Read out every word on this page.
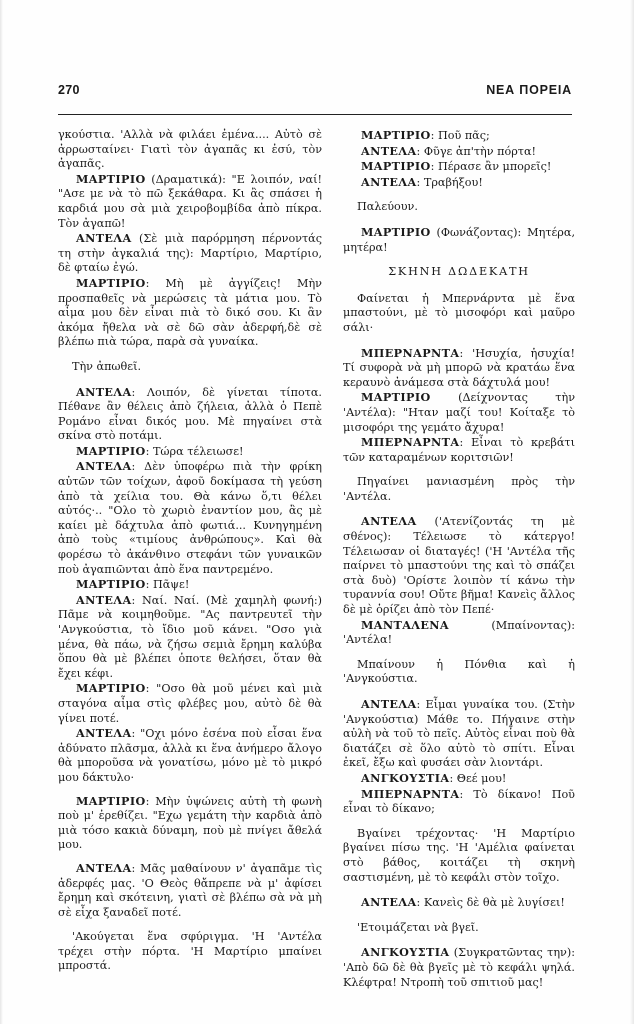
270	ΝΕΑ ΠΟΡΕΙΑ

γκούστια. 'Αλλὰ νὰ φιλάει ἐμένα.... Αὐτὸ σὲ ἀρρωσταίνει· Γιατὶ τὸν ἀγαπᾶς κι ἐσύ, τὸν ἀγαπᾶς.

ΜΑΡΤΙΡΙΟ (Δραματικά): "Ε λοιπόν, ναί! "Ασε με νὰ τὸ πῶ ξεκάθαρα. Κι ἂς σπάσει ἡ καρδιά μου σὰ μιὰ χειροβομβίδα ἀπὸ πίκρα. Τὸν ἀγαπῶ!

ΑΝΤΕΛΑ (Σὲ μιὰ παρόρμηση πέρνοντάς τη στὴν ἀγκαλιά της): Μαρτίριο, Μαρτίριο, δὲ φταίω ἐγώ.

ΜΑΡΤΙΡΙΟ: Μὴ μὲ ἀγγίζεις! Μὴν προσπαθεῖς νὰ μερώσεις τὰ μάτια μου. Τὸ αἷμα μου δὲν εἶναι πιὰ τὸ δικό σου. Κι ἂν ἀκόμα ἤθελα νὰ σὲ δῶ σὰν ἀδερφή,δὲ σὲ βλέπω πιὰ τώρα, παρὰ σὰ γυναίκα.

Τὴν ἀπωθεῖ.

ΑΝΤΕΛΑ: Λοιπόν, δὲ γίνεται τίποτα. Πέθανε ἂν θέλεις ἀπὸ ζήλεια, ἀλλὰ ὁ Πεπὲ Ρομάνο εἶναι δικός μου. Μὲ πηγαίνει στὰ σκίνα στὸ ποτάμι.

ΜΑΡΤΙΡΙΟ: Τώρα τέλειωσε!

ΑΝΤΕΛΑ: Δὲν ὑποφέρω πιὰ τὴν φρίκη αὐτῶν τῶν τοίχων, ἀφοῦ δοκίμασα τὴ γεύση ἀπὸ τὰ χείλια του. Θὰ κάνω ὅ,τι θέλει αὐτός·.. "Ολο τὸ χωριὸ ἐναντίον μου, ἂς μὲ καίει μὲ δάχτυλα ἀπὸ φωτιά... Κυνηγημένη ἀπὸ τοὺς «τιμίους ἀνθρώπους». Καὶ θὰ φορέσω τὸ ἀκάνθινο στεφάνι τῶν γυναικῶν ποὺ ἀγαπιῶνται ἀπὸ ἕνα παντρεμένο.

ΜΑΡΤΙΡΙΟ: Πᾶψε!

ΑΝΤΕΛΑ: Ναί. Ναί. (Μὲ χαμηλὴ φωνή:) Πᾶμε νὰ κοιμηθοῦμε. "Ας παντρευτεῖ τὴν 'Ανγκούστια, τὸ ἴδιο μοῦ κάνει. "Οσο γιὰ μένα, θὰ πάω, νὰ ζήσω σεμιὰ ἔρημη καλύβα ὅπου θὰ μὲ βλέπει ὁποτε θελήσει, ὅταν θὰ ἔχει κέφι.

ΜΑΡΤΙΡΙΟ: "Οσο θὰ μοῦ μένει καὶ μιὰ σταγόνα αἷμα στὶς φλέβες μου, αὐτὸ δὲ θὰ γίνει ποτέ.

ΑΝΤΕΛΑ: "Οχι μόνο ἐσένα ποὺ εἶσαι ἕνα ἀδύνατο πλᾶσμα, ἀλλὰ κι ἕνα ἀνήμερο ἄλογο θὰ μποροῦσα νὰ γονατίσω, μόνο μὲ τὸ μικρό μου δάκτυλο·

ΜΑΡΤΙΡΙΟ: Μὴν ὑψώνεις αὐτὴ τὴ φωνὴ ποὺ μ' ἐρεθίζει. "Εχω γεμάτη τὴν καρδιὰ ἀπὸ μιὰ τόσο κακιὰ δύναμη, ποὺ μὲ πνίγει ἄθελά μου.

ΑΝΤΕΛΑ: Μᾶς μαθαίνουν ν' ἀγαπᾶμε τὶς ἀδερφές μας. 'Ο Θεὸς θἄπρεπε νὰ μ' ἀφίσει ἔρημη καὶ σκότεινη, γιατὶ σὲ βλέπω σὰ νὰ μὴ σὲ εἶχα ξαναδεῖ ποτέ.

'Ακούγεται ἕνα σφύριγμα. 'Η 'Αντέλα τρέχει στὴν πόρτα. 'Η Μαρτίριο μπαίνει μπροστά.

ΜΑΡΤΙΡΙΟ: Ποῦ πᾶς;

ΑΝΤΕΛΑ: Φῦγε ἀπ'τὴν πόρτα!

ΜΑΡΤΙΡΙΟ: Πέρασε ἂν μπορεῖς!

ΑΝΤΕΛΑ: Τραβήξου!

Παλεύουν.

ΜΑΡΤΙΡΙΟ (Φωνάζοντας): Μητέρα, μητέρα!

ΣΚΗΝΗ ΔΩΔΕΚΑΤΗ

Φαίνεται ἡ Μπερνάρντα μὲ ἕνα μπαστούνι, μὲ τὸ μισοφόρι καὶ μαῦρο σάλι·

ΜΠΕΡΝΑΡΝΤΑ: 'Ησυχία, ἡσυχία! Τί συφορὰ νὰ μὴ μπορῶ νὰ κρατάω ἕνα κεραυνὸ ἀνάμεσα στὰ δάχτυλά μου!

ΜΑΡΤΙΡΙΟ (Δείχνοντας τὴν 'Αντέλα): "Ηταν μαζί του! Κοίταξε τὸ μισοφόρι της γεμάτο ἄχυρα!

ΜΠΕΡΝΑΡΝΤΑ: Εἶναι τὸ κρεβάτι τῶν καταραμένων κοριτσιῶν!

Πηγαίνει μανιασμένη πρὸς τὴν 'Αντέλα.

ΑΝΤΕΛΑ ('Ατενίζοντάς τη μὲ σθένος): Τέλειωσε τὸ κάτεργο! Τέλειωσαν οἱ διαταγές! ('Η 'Αντέλα τῆς παίρνει τὸ μπαστούνι της καὶ τὸ σπάζει στὰ δυὸ) 'Ορίστε λοιπὸν τί κάνω τὴν τυραννία σου! Οὔτε βῆμα! Κανεὶς ἄλλος δὲ μὲ ὁρίζει ἀπὸ τὸν Πεπέ·

ΜΑΝΤΑΛΕΝΑ (Μπαίνοντας): 'Αντέλα!

Μπαίνουν ἡ Πόνθια καὶ ἡ 'Ανγκούστια.

ΑΝΤΕΛΑ: Εἶμαι γυναίκα του. (Στὴν 'Ανγκούστια) Μάθε το. Πήγαινε στὴν αὐλὴ νὰ τοῦ τὸ πεῖς. Αὐτὸς εἶναι ποὺ θὰ διατάζει σὲ ὅλο αὐτὸ τὸ σπίτι. Εἶναι ἐκεῖ, ἔξω καὶ φυσάει σὰν λιοντάρι.

ΑΝΓΚΟΥΣΤΙΑ: Θεέ μου!

ΜΠΕΡΝΑΡΝΤΑ: Τὸ δίκανο! Ποῦ εἶναι τὸ δίκανο;

Βγαίνει τρέχοντας· 'Η Μαρτίριο βγαίνει πίσω της. 'Η 'Αμέλια φαίνεται στὸ βάθος, κοιτάζει τὴ σκηνὴ σαστισμένη, μὲ τὸ κεφάλι στὸν τοῖχο.

ΑΝΤΕΛΑ: Κανεὶς δὲ θὰ μὲ λυγίσει!

'Ετοιμάζεται νὰ βγεῖ.

ΑΝΓΚΟΥΣΤΙΑ (Συγκρατῶντας την): 'Απὸ δῶ δὲ θὰ βγεῖς μὲ τὸ κεφάλι ψηλά. Κλέφτρα! Ντροπὴ τοῦ σπιτιοῦ μας!
